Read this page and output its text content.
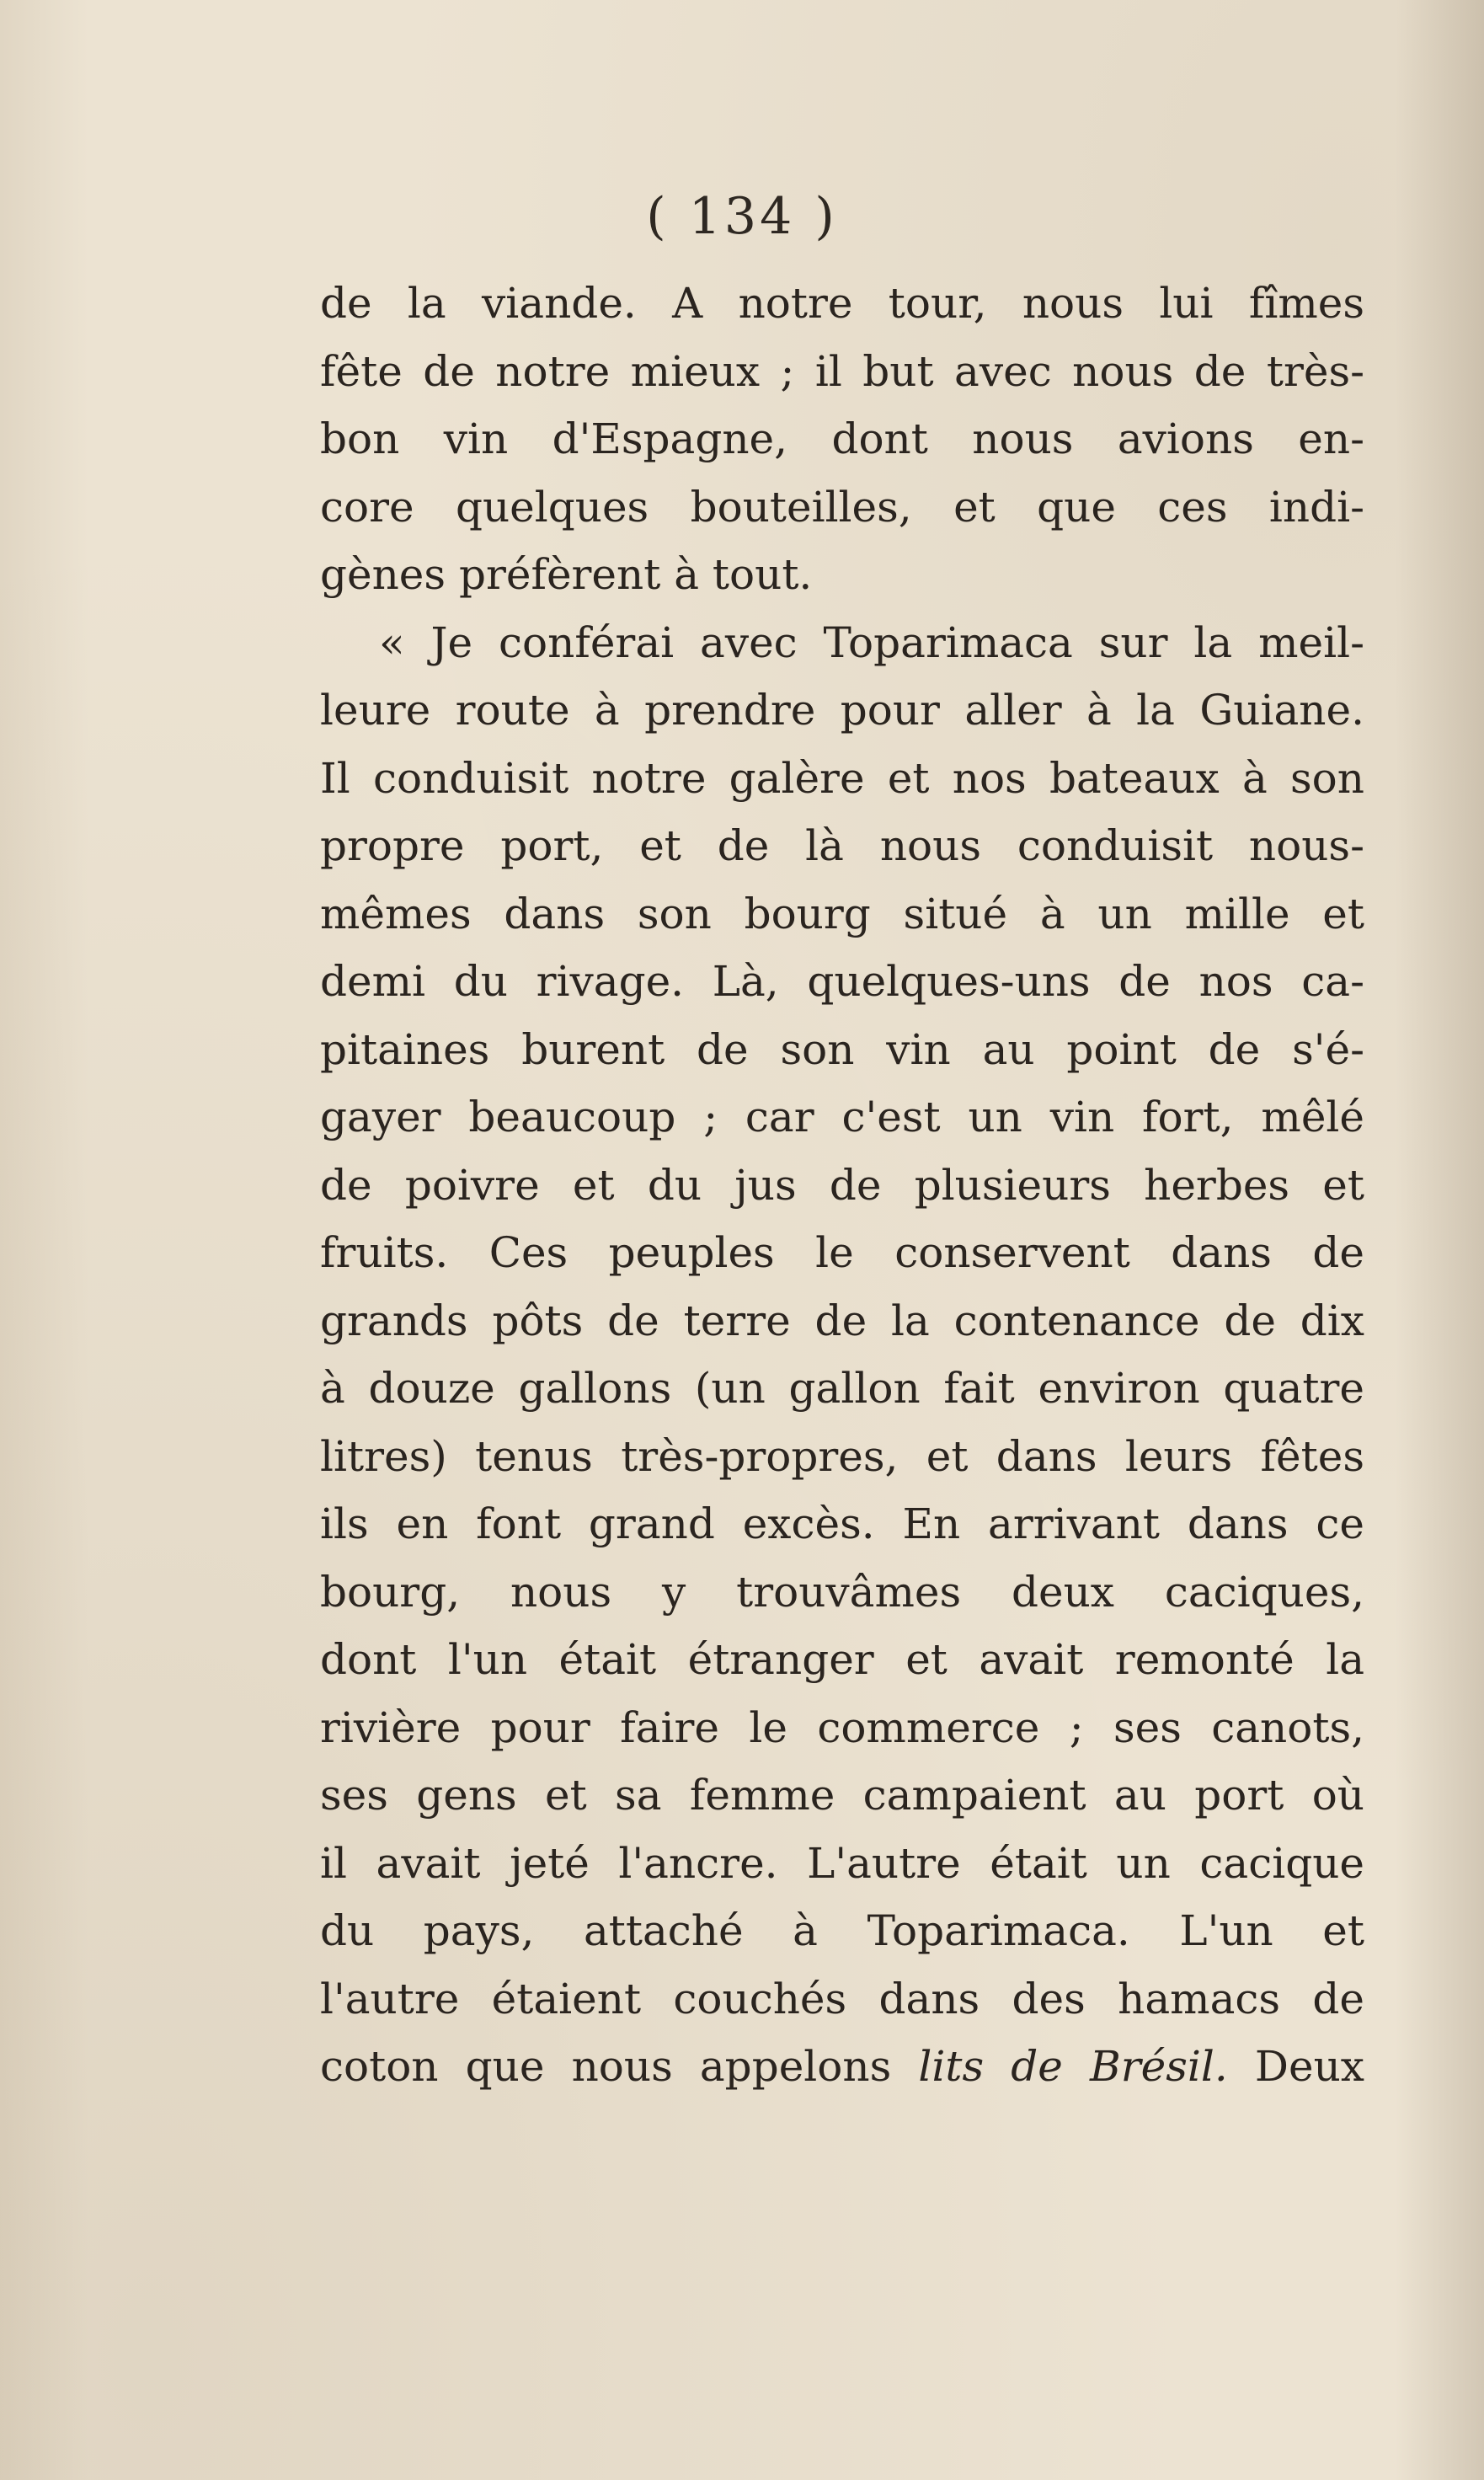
( 134 )

de la viande. A notre tour, nous lui fîmes
fête de notre mieux ; il but avec nous de très-
bon vin d'Espagne, dont nous avions en-
core quelques bouteilles, et que ces indi-
gènes préfèrent à tout.

« Je conférai avec Toparimaca sur la meil-
leure route à prendre pour aller à la Guiane.
Il conduisit notre galère et nos bateaux à son
propre port, et de là nous conduisit nous-
mêmes dans son bourg situé à un mille et
demi du rivage. Là, quelques-uns de nos ca-
pitaines burent de son vin au point de s'é-
gayer beaucoup ; car c'est un vin fort, mêlé
de poivre et du jus de plusieurs herbes et
fruits. Ces peuples le conservent dans de
grands pôts de terre de la contenance de dix
à douze gallons (un gallon fait environ quatre
litres) tenus très-propres, et dans leurs fêtes
ils en font grand excès. En arrivant dans ce
bourg, nous y trouvâmes deux caciques,
dont l'un était étranger et avait remonté la
rivière pour faire le commerce ; ses canots,
ses gens et sa femme campaient au port où
il avait jeté l'ancre. L'autre était un cacique
du pays, attaché à Toparimaca. L'un et
l'autre étaient couchés dans des hamacs de
coton que nous appelons lits de Brésil. Deux
